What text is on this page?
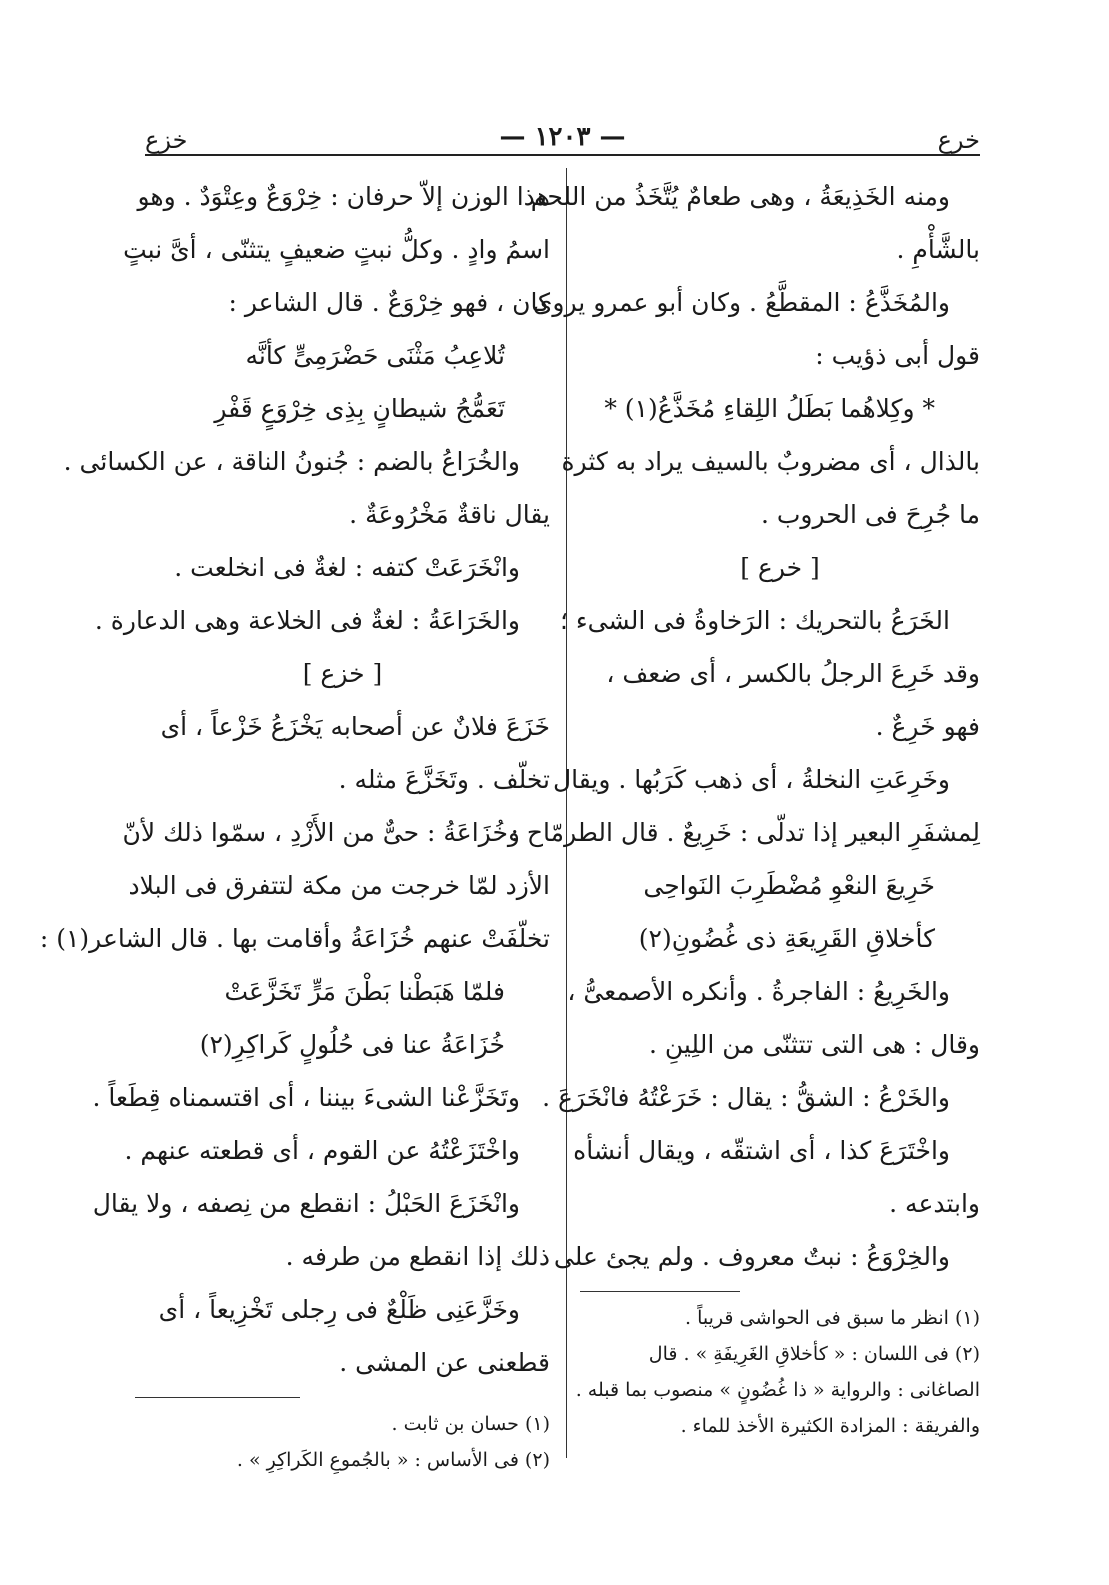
خرع
— ١٢٠٣ —
خزع
ومنه الخَذِيعَةُ ، وهى طعامٌ يُتَّخَذُ من اللحم
بالشَّأْمِ .
والمُخَذَّعُ : المقطَّعُ . وكان أبو عمرو يروى
قول أبى ذؤيب :
* وكِلاهُما بَطَلُ اللِقاءِ مُخَذَّعُ(١) *
بالذال ، أى مضروبٌ بالسيف يراد به كثرة
ما جُرِحَ فى الحروب .
[ خرع ]
الخَرَعُ بالتحريك : الرَخاوةُ فى الشىء ؛
وقد خَرِعَ الرجلُ بالكسر ، أى ضعف ،
فهو خَرِعٌ .
وخَرِعَتِ النخلةُ ، أى ذهب كَرَبُها . ويقال
لِمشفَرِ البعير إذا تدلّى : خَرِيعٌ . قال الطرمّاح :
خَرِيعَ النعْوِ مُضْطَرِبَ النَواحِى
كأخلاقِ القَرِيعَةِ ذى غُضُونِ(٢)
والخَرِيعُ : الفاجرةُ . وأنكره الأصمعىُّ ،
وقال : هى التى تتثنّى من اللِينِ .
والخَرْعُ : الشقُّ : يقال : خَرَعْتُهُ فانْخَرَعَ .
واخْتَرَعَ كذا ، أى اشتقّه ، ويقال أنشأه
وابتدعه .
والخِرْوَعُ : نبتٌ معروف . ولم يجئ على
(١) انظر ما سبق فى الحواشى قريباً .
(٢) فى اللسان : « كأخلاقِ الغَرِيفَةِ » . قال
الصاغانى : والرواية « ذا غُضُونٍ » منصوب بما قبله .
والفريقة : المزادة الكثيرة الأخذ للماء .
هذا الوزن إلاّ حرفان : خِرْوَعٌ وعِتْوَدٌ . وهو
اسمُ وادٍ . وكلُّ نبتٍ ضعيفٍ يتثنّى ، أىَّ نبتٍ
كان ، فهو خِرْوَعٌ . قال الشاعر :
تُلاعِبُ مَثْنَى حَضْرَمِىٍّ كأنَّه
تَعَمُّجُ شيطانٍ بِذِى خِرْوَعٍ قَفْرِ
والخُرَاعُ بالضم : جُنونُ الناقة ، عن الكسائى .
يقال ناقةٌ مَخْرُوعَةٌ .
وانْخَرَعَتْ كتفه : لغةٌ فى انخلعت .
والخَرَاعَةُ : لغةٌ فى الخلاعة وهى الدعارة .
[ خزع ]
خَزَعَ فلانٌ عن أصحابه يَخْزَعُ خَزْعاً ، أى
تخلّف . وتَخَزَّعَ مثله .
وخُزَاعَةُ : حىٌّ من الأَزْدِ ، سمّوا ذلك لأنّ
الأزد لمّا خرجت من مكة لتتفرق فى البلاد
تخلّفَتْ عنهم خُزَاعَةُ وأقامت بها . قال الشاعر(١) :
فلمّا هَبَطْنا بَطْنَ مَرٍّ تَخَزَّعَتْ
خُزَاعَةُ عنا فى حُلُولٍ كَراكِرِ(٢)
وتَخَزَّعْنا الشىءَ بيننا ، أى اقتسمناه قِطَعاً .
واخْتَزَعْتُهُ عن القوم ، أى قطعته عنهم .
وانْخَزَعَ الحَبْلُ : انقطع من نِصفه ، ولا يقال
ذلك إذا انقطع من طرفه .
وخَزَّعَنِى ظَلْعٌ فى رِجلى تَخْزِيعاً ، أى
قطعنى عن المشى .
(١) حسان بن ثابت .
(٢) فى الأساس : « بالجُموعِ الكَراكِرِ » .
